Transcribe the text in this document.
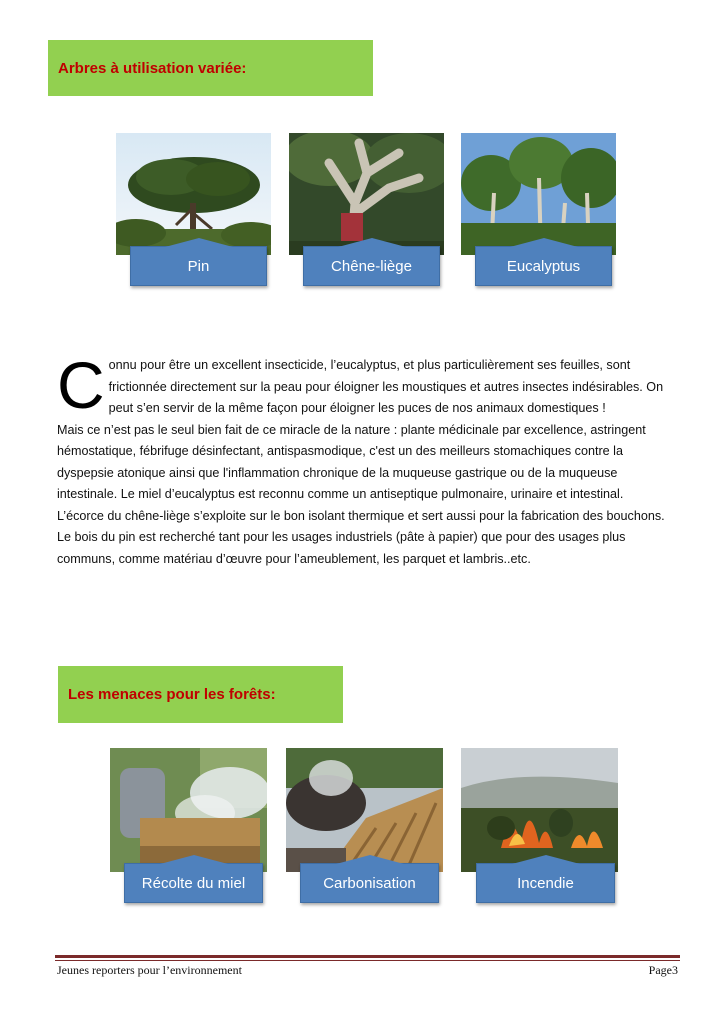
Arbres à utilisation variée:
Pin	Chêne-liège	Eucalyptus

Connu pour être un excellent insecticide, l’eucalyptus, et plus particulièrement ses feuilles, sont frictionnée directement sur la peau pour éloigner les moustiques et autres insectes indésirables. On peut s’en servir de la même façon pour éloigner les puces de nos animaux domestiques !

Mais ce n’est pas le seul bien fait de ce miracle de la nature : plante médicinale par excellence, astringent hémostatique, fébrifuge désinfectant, antispasmodique, c'est un des meilleurs stomachiques contre la dyspepsie atonique ainsi que l'inflammation chronique de la muqueuse gastrique ou de la muqueuse intestinale. Le miel d’eucalyptus est reconnu comme un antiseptique pulmonaire, urinaire et intestinal.

L’écorce du chêne-liège s’exploite sur le bon isolant thermique et sert aussi pour la fabrication des bouchons.

Le bois du pin est recherché tant pour les usages industriels (pâte à papier) que pour des usages plus communs, comme matériau d’œuvre pour l’ameublement, les parquet et lambris..etc.

Les menaces pour les forêts:
Récolte du miel	Carbonisation	Incendie
Jeunes reporters pour l’environnement	Page3
